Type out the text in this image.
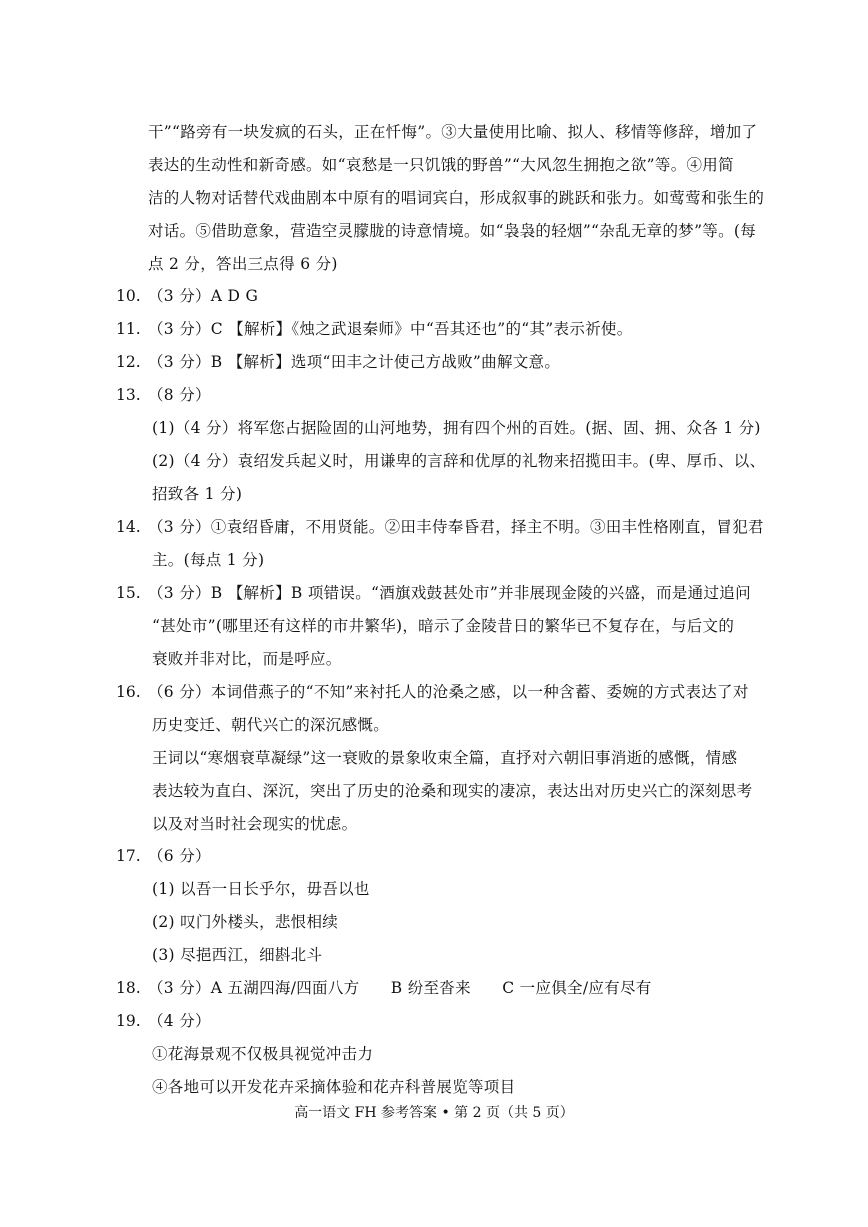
干”“路旁有一块发疯的石头，正在忏悔”。③大量使用比喻、拟人、移情等修辞，增加了
表达的生动性和新奇感。如“哀愁是一只饥饿的野兽”“大风忽生拥抱之欲”等。④用简
洁的人物对话替代戏曲剧本中原有的唱词宾白，形成叙事的跳跃和张力。如莺莺和张生的
对话。⑤借助意象，营造空灵朦胧的诗意情境。如“袅袅的轻烟”“杂乱无章的梦”等。(每
点 2 分，答出三点得 6 分)
10. （3 分）A D G
11. （3 分）C 【解析】《烛之武退秦师》中“吾其还也”的“其”表示祈使。
12. （3 分）B 【解析】选项“田丰之计使己方战败”曲解文意。
13. （8 分）
(1)（4 分）将军您占据险固的山河地势，拥有四个州的百姓。(据、固、拥、众各 1 分)
(2)（4 分）袁绍发兵起义时，用谦卑的言辞和优厚的礼物来招揽田丰。(卑、厚币、以、
招致各 1 分)
14. （3 分）①袁绍昏庸，不用贤能。②田丰侍奉昏君，择主不明。③田丰性格刚直，冒犯君
主。(每点 1 分)
15. （3 分）B 【解析】B 项错误。“酒旗戏鼓甚处市”并非展现金陵的兴盛，而是通过追问
“甚处市”(哪里还有这样的市井繁华)，暗示了金陵昔日的繁华已不复存在，与后文的
衰败并非对比，而是呼应。
16. （6 分）本词借燕子的“不知”来衬托人的沧桑之感，以一种含蓄、委婉的方式表达了对
历史变迁、朝代兴亡的深沉感慨。
王词以“寒烟衰草凝绿”这一衰败的景象收束全篇，直抒对六朝旧事消逝的感慨，情感
表达较为直白、深沉，突出了历史的沧桑和现实的凄凉，表达出对历史兴亡的深刻思考
以及对当时社会现实的忧虑。
17. （6 分）
(1) 以吾一日长乎尔，毋吾以也
(2) 叹门外楼头，悲恨相续
(3) 尽挹西江，细斟北斗
18. （3 分）A 五湖四海/四面八方      B 纷至沓来      C 一应俱全/应有尽有
19. （4 分）
①花海景观不仅极具视觉冲击力
④各地可以开发花卉采摘体验和花卉科普展览等项目
高一语文 FH 参考答案 • 第 2 页（共 5 页）
